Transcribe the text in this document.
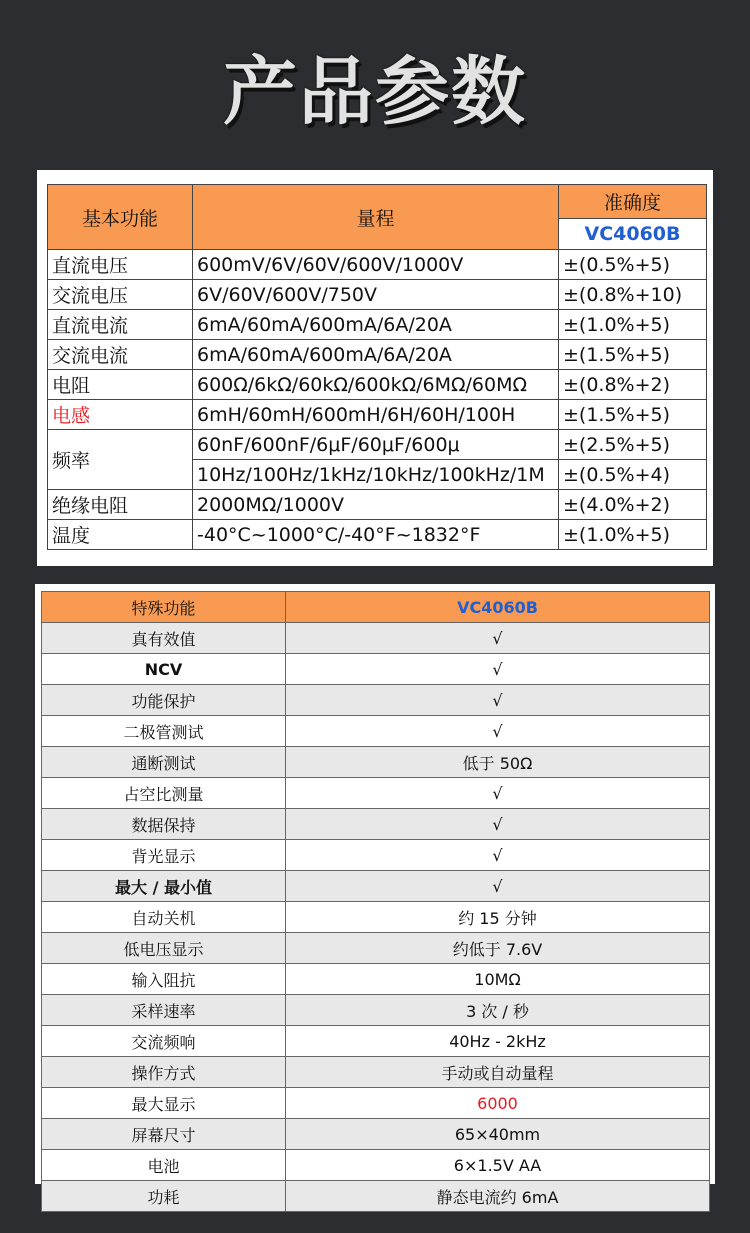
产品参数
基本功能	量程	准确度
		VC4060B
直流电压	600mV/6V/60V/600V/1000V	±(0.5%+5)
交流电压	6V/60V/600V/750V	±(0.8%+10)
直流电流	6mA/60mA/600mA/6A/20A	±(1.0%+5)
交流电流	6mA/60mA/600mA/6A/20A	±(1.5%+5)
电阻	600Ω/6kΩ/60kΩ/600kΩ/6MΩ/60MΩ	±(0.8%+2)
电感	6mH/60mH/600mH/6H/60H/100H	±(1.5%+5)
频率	60nF/600nF/6μF/60μF/600μ	±(2.5%+5)
	10Hz/100Hz/1kHz/10kHz/100kHz/1M	±(0.5%+4)
绝缘电阻	2000MΩ/1000V	±(4.0%+2)
温度	-40°C~1000°C/-40°F~1832°F	±(1.0%+5)
特殊功能	VC4060B
真有效值	√
NCV	√
功能保护	√
二极管测试	√
通断测试	低于 50Ω
占空比测量	√
数据保持	√
背光显示	√
最大 / 最小值	√
自动关机	约 15 分钟
低电压显示	约低于 7.6V
输入阻抗	10MΩ
采样速率	3 次 / 秒
交流频响	40Hz - 2kHz
操作方式	手动或自动量程
最大显示	6000
屏幕尺寸	65×40mm
电池	6×1.5V AA
功耗	静态电流约 6mA
